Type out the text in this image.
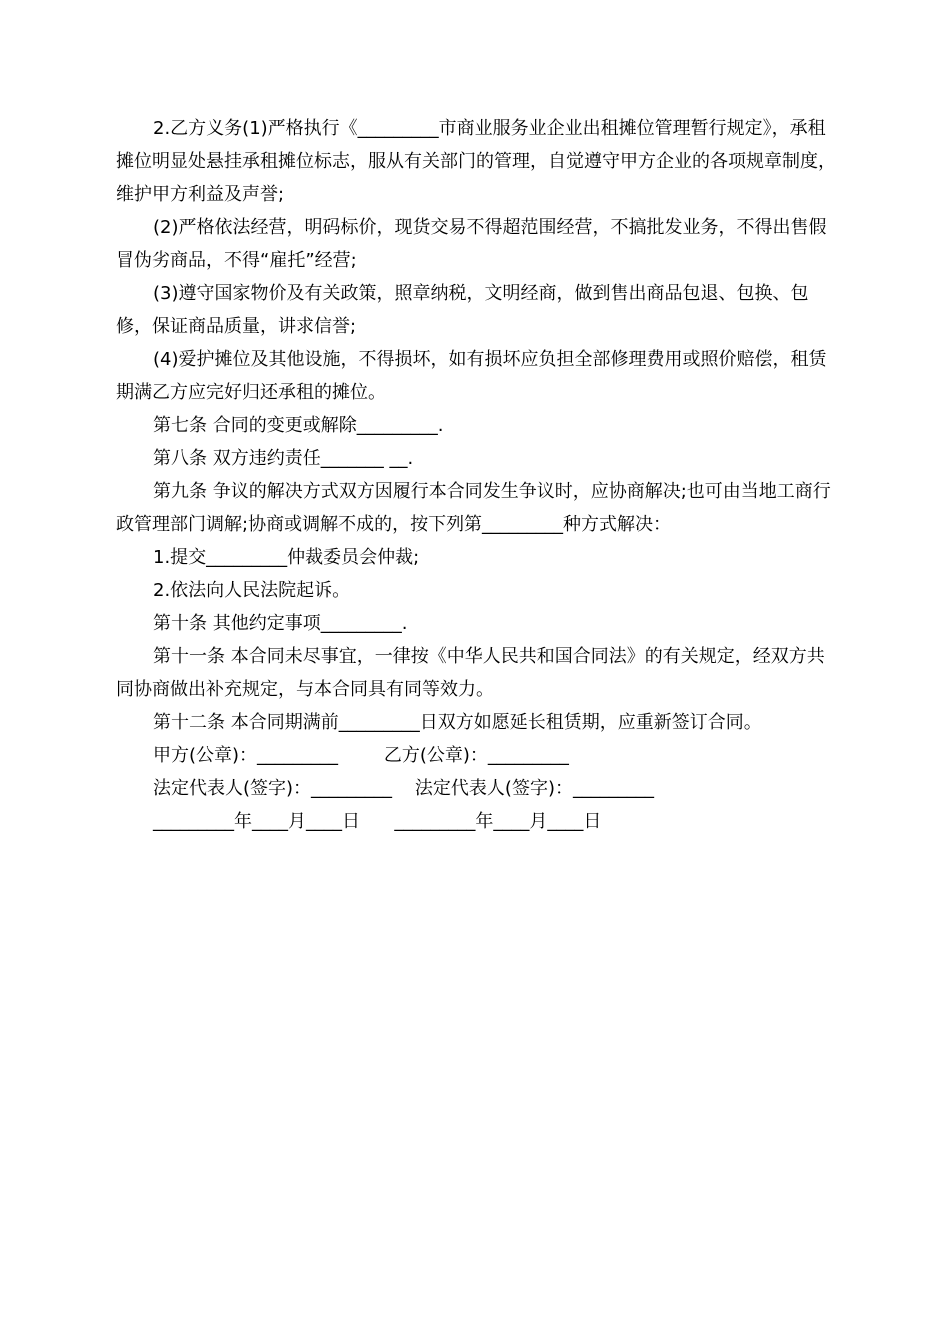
2.乙方义务(1)严格执行《_________市商业服务业企业出租摊位管理暂行规定》，承租摊位明显处悬挂承租摊位标志，服从有关部门的管理，自觉遵守甲方企业的各项规章制度，维护甲方利益及声誉;

(2)严格依法经营，明码标价，现货交易不得超范围经营，不搞批发业务，不得出售假冒伪劣商品，不得“雇托”经营;

(3)遵守国家物价及有关政策，照章纳税，文明经商，做到售出商品包退、包换、包修，保证商品质量，讲求信誉;

(4)爱护摊位及其他设施，不得损坏，如有损坏应负担全部修理费用或照价赔偿，租赁期满乙方应完好归还承租的摊位。

第七条 合同的变更或解除_________.

第八条 双方违约责任_______ __.

第九条 争议的解决方式双方因履行本合同发生争议时，应协商解决;也可由当地工商行政管理部门调解;协商或调解不成的，按下列第_________种方式解决：

1.提交_________仲裁委员会仲裁;

2.依法向人民法院起诉。

第十条 其他约定事项_________.

第十一条 本合同未尽事宜，一律按《中华人民共和国合同法》的有关规定，经双方共同协商做出补充规定，与本合同具有同等效力。

第十二条 本合同期满前_________日双方如愿延长租赁期，应重新签订合同。

甲方(公章)：_________        乙方(公章)：_________

法定代表人(签字)：_________    法定代表人(签字)：_________

_________年____月____日      _________年____月____日
